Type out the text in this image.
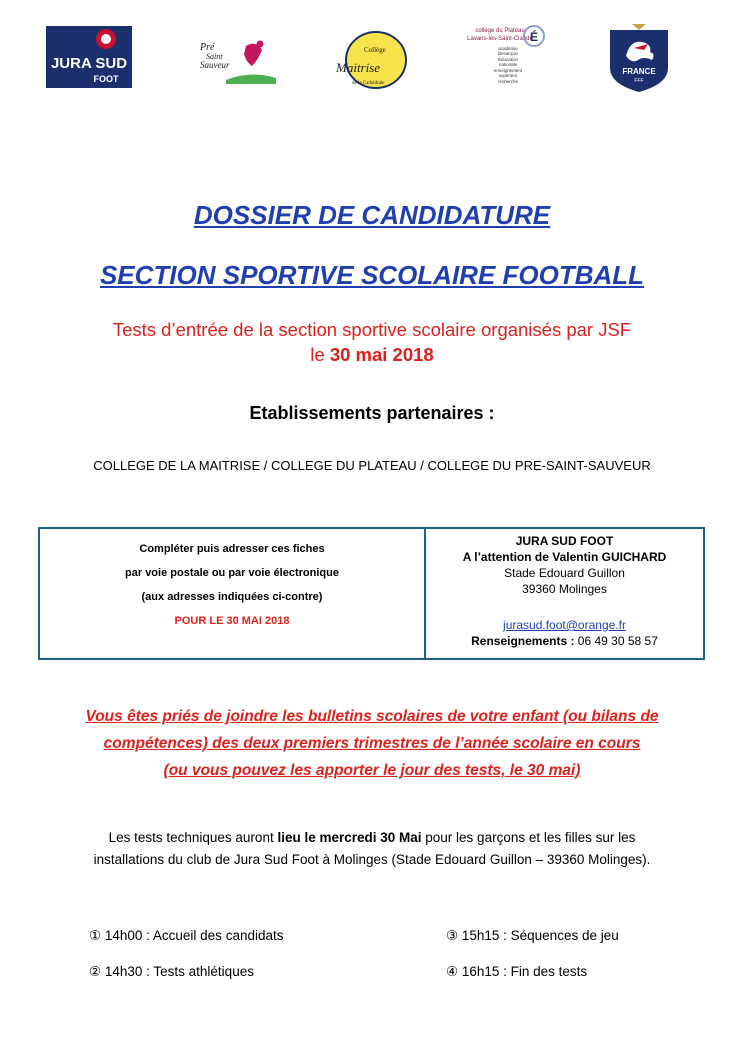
JURA SUD
FOOT
Pré
Saint
Sauveur
Collège
Maitrise
de la Cathédrale
collège du Plateau
Lavans-lès-Saint-Claude
É
académie
Besançon
Éducation
nationale
enseignement
supérieur
recherche
FRANCE
FFF
DOSSIER DE CANDIDATURE
SECTION SPORTIVE SCOLAIRE FOOTBALL
Tests d’entrée de la section sportive scolaire organisés par JSF
le 30 mai 2018
Etablissements partenaires :
COLLEGE DE LA MAITRISE / COLLEGE DU PLATEAU / COLLEGE DU PRE-SAINT-SAUVEUR
Compléter puis adresser ces fiches
par voie postale ou par voie électronique
(aux adresses indiquées ci-contre)
POUR LE 30 MAI 2018
JURA SUD FOOT
A l’attention de Valentin GUICHARD
Stade Edouard Guillon
39360 Molinges
jurasud.foot@orange.fr
Renseignements : 06 49 30 58 57
Vous êtes priés de joindre les bulletins scolaires de votre enfant (ou bilans de
compétences) des deux premiers trimestres de l’année scolaire en cours
(ou vous pouvez les apporter le jour des tests, le 30 mai)
Les tests techniques auront lieu le mercredi 30 Mai pour les garçons et les filles sur les
installations du club de Jura Sud Foot à Molinges (Stade Edouard Guillon – 39360 Molinges).
① 14h00 : Accueil des candidats
② 14h30 : Tests athlétiques
③ 15h15 : Séquences de jeu
④ 16h15 : Fin des tests
